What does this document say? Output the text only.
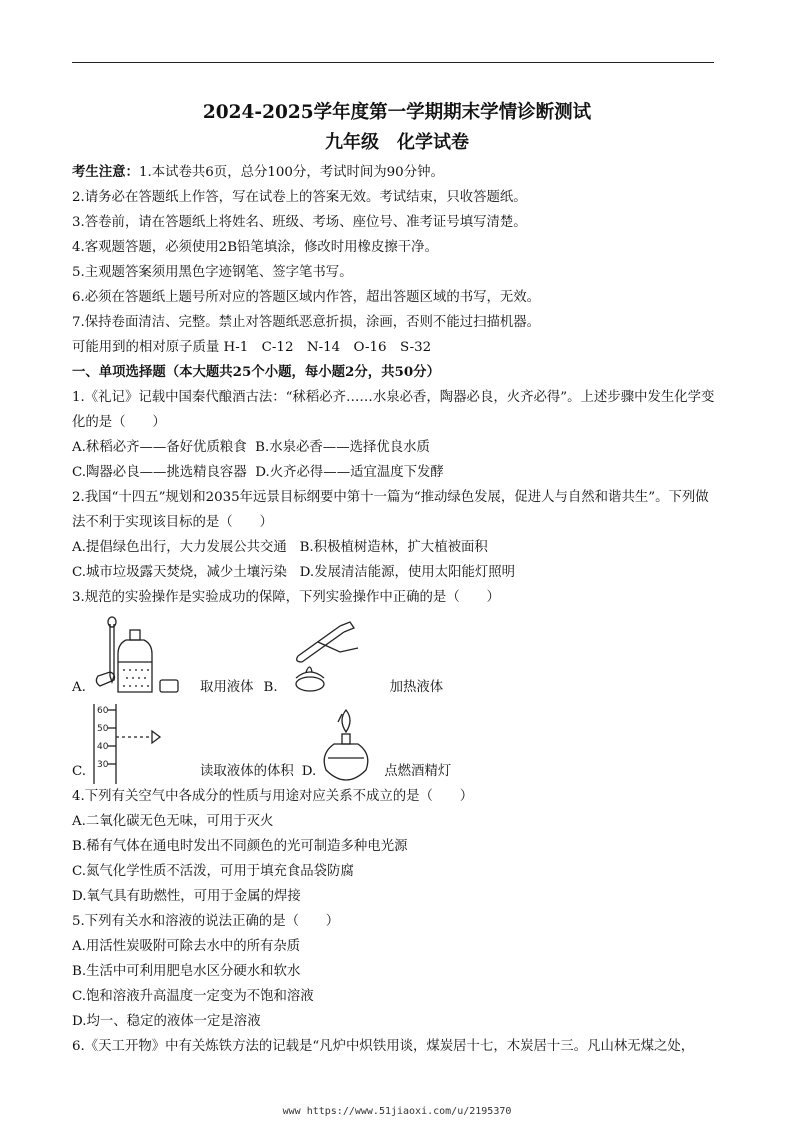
2024-2025学年度第一学期期末学情诊断测试
九年级　化学试卷

考生注意：1.本试卷共6页，总分100分，考试时间为90分钟。

2.请务必在答题纸上作答，写在试卷上的答案无效。考试结束，只收答题纸。

3.答卷前，请在答题纸上将姓名、班级、考场、座位号、准考证号填写清楚。

4.客观题答题，必须使用2B铅笔填涂，修改时用橡皮擦干净。

5.主观题答案须用黑色字迹钢笔、签字笔书写。

6.必须在答题纸上题号所对应的答题区域内作答，超出答题区域的书写，无效。

7.保持卷面清洁、完整。禁止对答题纸恶意折损，涂画，否则不能过扫描机器。

可能用到的相对原子质量 H-1　C-12　N-14　O-16　S-32

一、单项选择题（本大题共25个小题，每小题2分，共50分）

1.《礼记》记载中国秦代酿酒古法：“秫稻必齐……水泉必香，陶器必良，火齐必得”。上述步骤中发生化学变化的是（　　）

A.秫稻必齐——备好优质粮食 B.水泉必香——选择优良水质

C.陶器必良——挑选精良容器 D.火齐必得——适宜温度下发酵

2.我国“十四五”规划和2035年远景目标纲要中第十一篇为“推动绿色发展，促进人与自然和谐共生”。下列做法不利于实现该目标的是（　　）

A.提倡绿色出行，大力发展公共交通 B.积极植树造林，扩大植被面积

C.城市垃圾露天焚烧，减少土壤污染 D.发展清洁能源，使用太阳能灯照明

3.规范的实验操作是实验成功的保障，下列实验操作中正确的是（　　）

A.	取用液体 B.	加热液体
C.
60
50
40
30	读取液体的体积 D.	点燃酒精灯

4.下列有关空气中各成分的性质与用途对应关系不成立的是（　　）

A.二氧化碳无色无味，可用于灭火

B.稀有气体在通电时发出不同颜色的光可制造多种电光源

C.氮气化学性质不活泼，可用于填充食品袋防腐

D.氧气具有助燃性，可用于金属的焊接

5.下列有关水和溶液的说法正确的是（　　）

A.用活性炭吸附可除去水中的所有杂质

B.生活中可利用肥皂水区分硬水和软水

C.饱和溶液升高温度一定变为不饱和溶液

D.均一、稳定的液体一定是溶液

6.《天工开物》中有关炼铁方法的记载是“凡炉中炽铁用谈，煤炭居十七，木炭居十三。凡山林无煤之处，

www https://www.51jiaoxi.com/u/2195370
